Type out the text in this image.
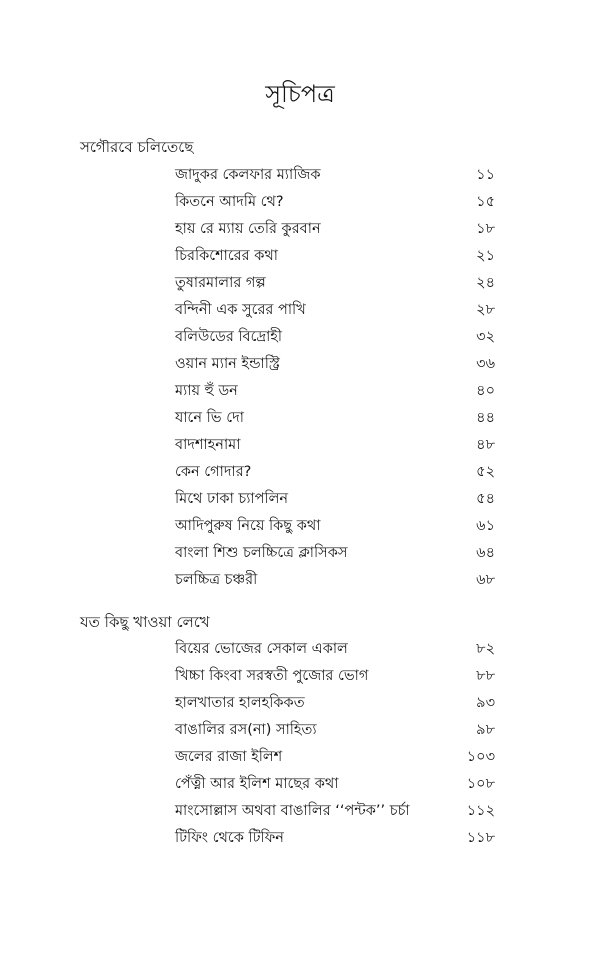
সূচিপত্র
সগৌরবে চলিতেছে
জাদুকর কেলফার ম্যাজিক	১১
কিতনে আদমি থে?	১৫
হায় রে ম্যায় তেরি কুরবান	১৮
চিরকিশোরের কথা	২১
তুষারমালার গল্প	২৪
বন্দিনী এক সুরের পাখি	২৮
বলিউডের বিদ্রোহী	৩২
ওয়ান ম্যান ইন্ডাস্ট্রি	৩৬
ম্যায় হুঁ ডন	৪০
যানে ভি দো	৪৪
বাদশাহনামা	৪৮
কেন গোদার?	৫২
মিথে ঢাকা চ্যাপলিন	৫৪
আদিপুরুষ নিয়ে কিছু কথা	৬১
বাংলা শিশু চলচ্চিত্রে ক্লাসিকস	৬৪
চলচ্চিত্র চঞ্চরী	৬৮
যত কিছু খাওয়া লেখে
বিয়ের ভোজের সেকাল একাল	৮২
খিচ্চা কিংবা সরস্বতী পুজোর ভোগ	৮৮
হালখাতার হালহকিকত	৯৩
বাঙালির রস(না) সাহিত্য	৯৮
জলের রাজা ইলিশ	১০৩
পেঁত্নী আর ইলিশ মাছের কথা	১০৮
মাংসোল্লাস অথবা বাঙালির ‘‘পন্টক’’ চর্চা	১১২
টিফিং থেকে টিফিন	১১৮
